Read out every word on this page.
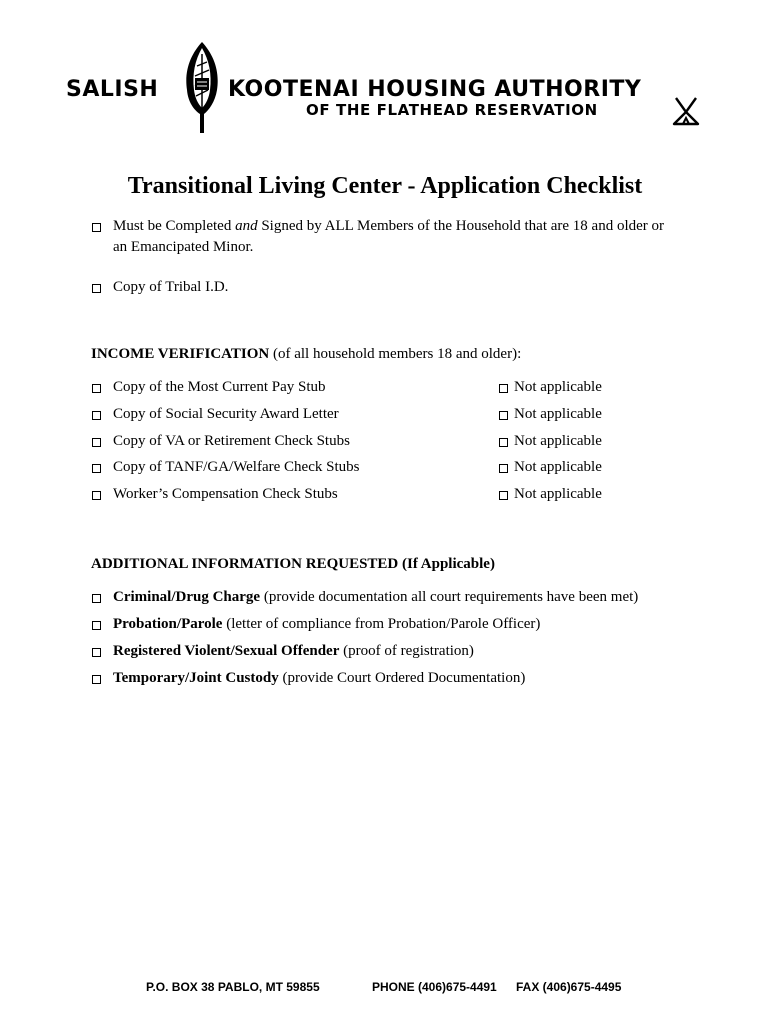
SALISH	KOOTENAI HOUSING AUTHORITY
OF THE FLATHEAD RESERVATION
Transitional Living Center - Application Checklist
Must be Completed and Signed by ALL Members of the Household that are 18 and older or
an Emancipated Minor.
Copy of Tribal I.D.
INCOME VERIFICATION (of all household members 18 and older):
Copy of the Most Current Pay Stub	Not applicable
Copy of Social Security Award Letter	Not applicable
Copy of VA or Retirement Check Stubs	Not applicable
Copy of TANF/GA/Welfare Check Stubs	Not applicable
Worker’s Compensation Check Stubs	Not applicable
ADDITIONAL INFORMATION REQUESTED (If Applicable)
Criminal/Drug Charge (provide documentation all court requirements have been met)
Probation/Parole (letter of compliance from Probation/Parole Officer)
Registered Violent/Sexual Offender (proof of registration)
Temporary/Joint Custody (provide Court Ordered Documentation)
P.O. BOX 38 PABLO, MT 59855	PHONE (406)675-4491 FAX (406)675-4495
